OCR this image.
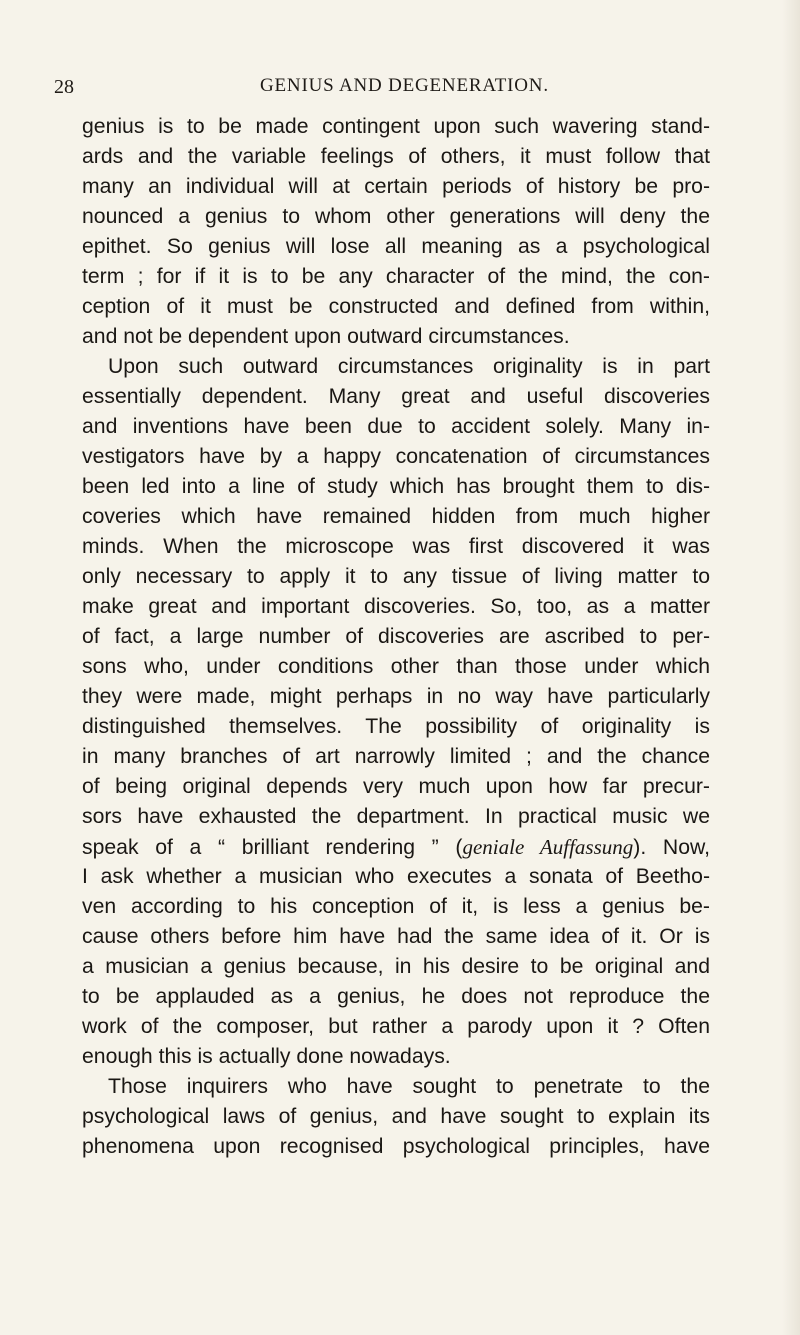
28	GENIUS AND DEGENERATION.
genius is to be made contingent upon such wavering stand-
ards and the variable feelings of others, it must follow that
many an individual will at certain periods of history be pro-
nounced a genius to whom other generations will deny the
epithet. So genius will lose all meaning as a psychological
term ; for if it is to be any character of the mind, the con-
ception of it must be constructed and defined from within,
and not be dependent upon outward circumstances.
Upon such outward circumstances originality is in part
essentially dependent. Many great and useful discoveries
and inventions have been due to accident solely. Many in-
vestigators have by a happy concatenation of circumstances
been led into a line of study which has brought them to dis-
coveries which have remained hidden from much higher
minds. When the microscope was first discovered it was
only necessary to apply it to any tissue of living matter to
make great and important discoveries. So, too, as a matter
of fact, a large number of discoveries are ascribed to per-
sons who, under conditions other than those under which
they were made, might perhaps in no way have particularly
distinguished themselves. The possibility of originality is
in many branches of art narrowly limited ; and the chance
of being original depends very much upon how far precur-
sors have exhausted the department. In practical music we
speak of a “ brilliant rendering ” (geniale Auffassung). Now,
I ask whether a musician who executes a sonata of Beetho-
ven according to his conception of it, is less a genius be-
cause others before him have had the same idea of it. Or is
a musician a genius because, in his desire to be original and
to be applauded as a genius, he does not reproduce the
work of the composer, but rather a parody upon it ? Often
enough this is actually done nowadays.
Those inquirers who have sought to penetrate to the
psychological laws of genius, and have sought to explain its
phenomena upon recognised psychological principles, have
